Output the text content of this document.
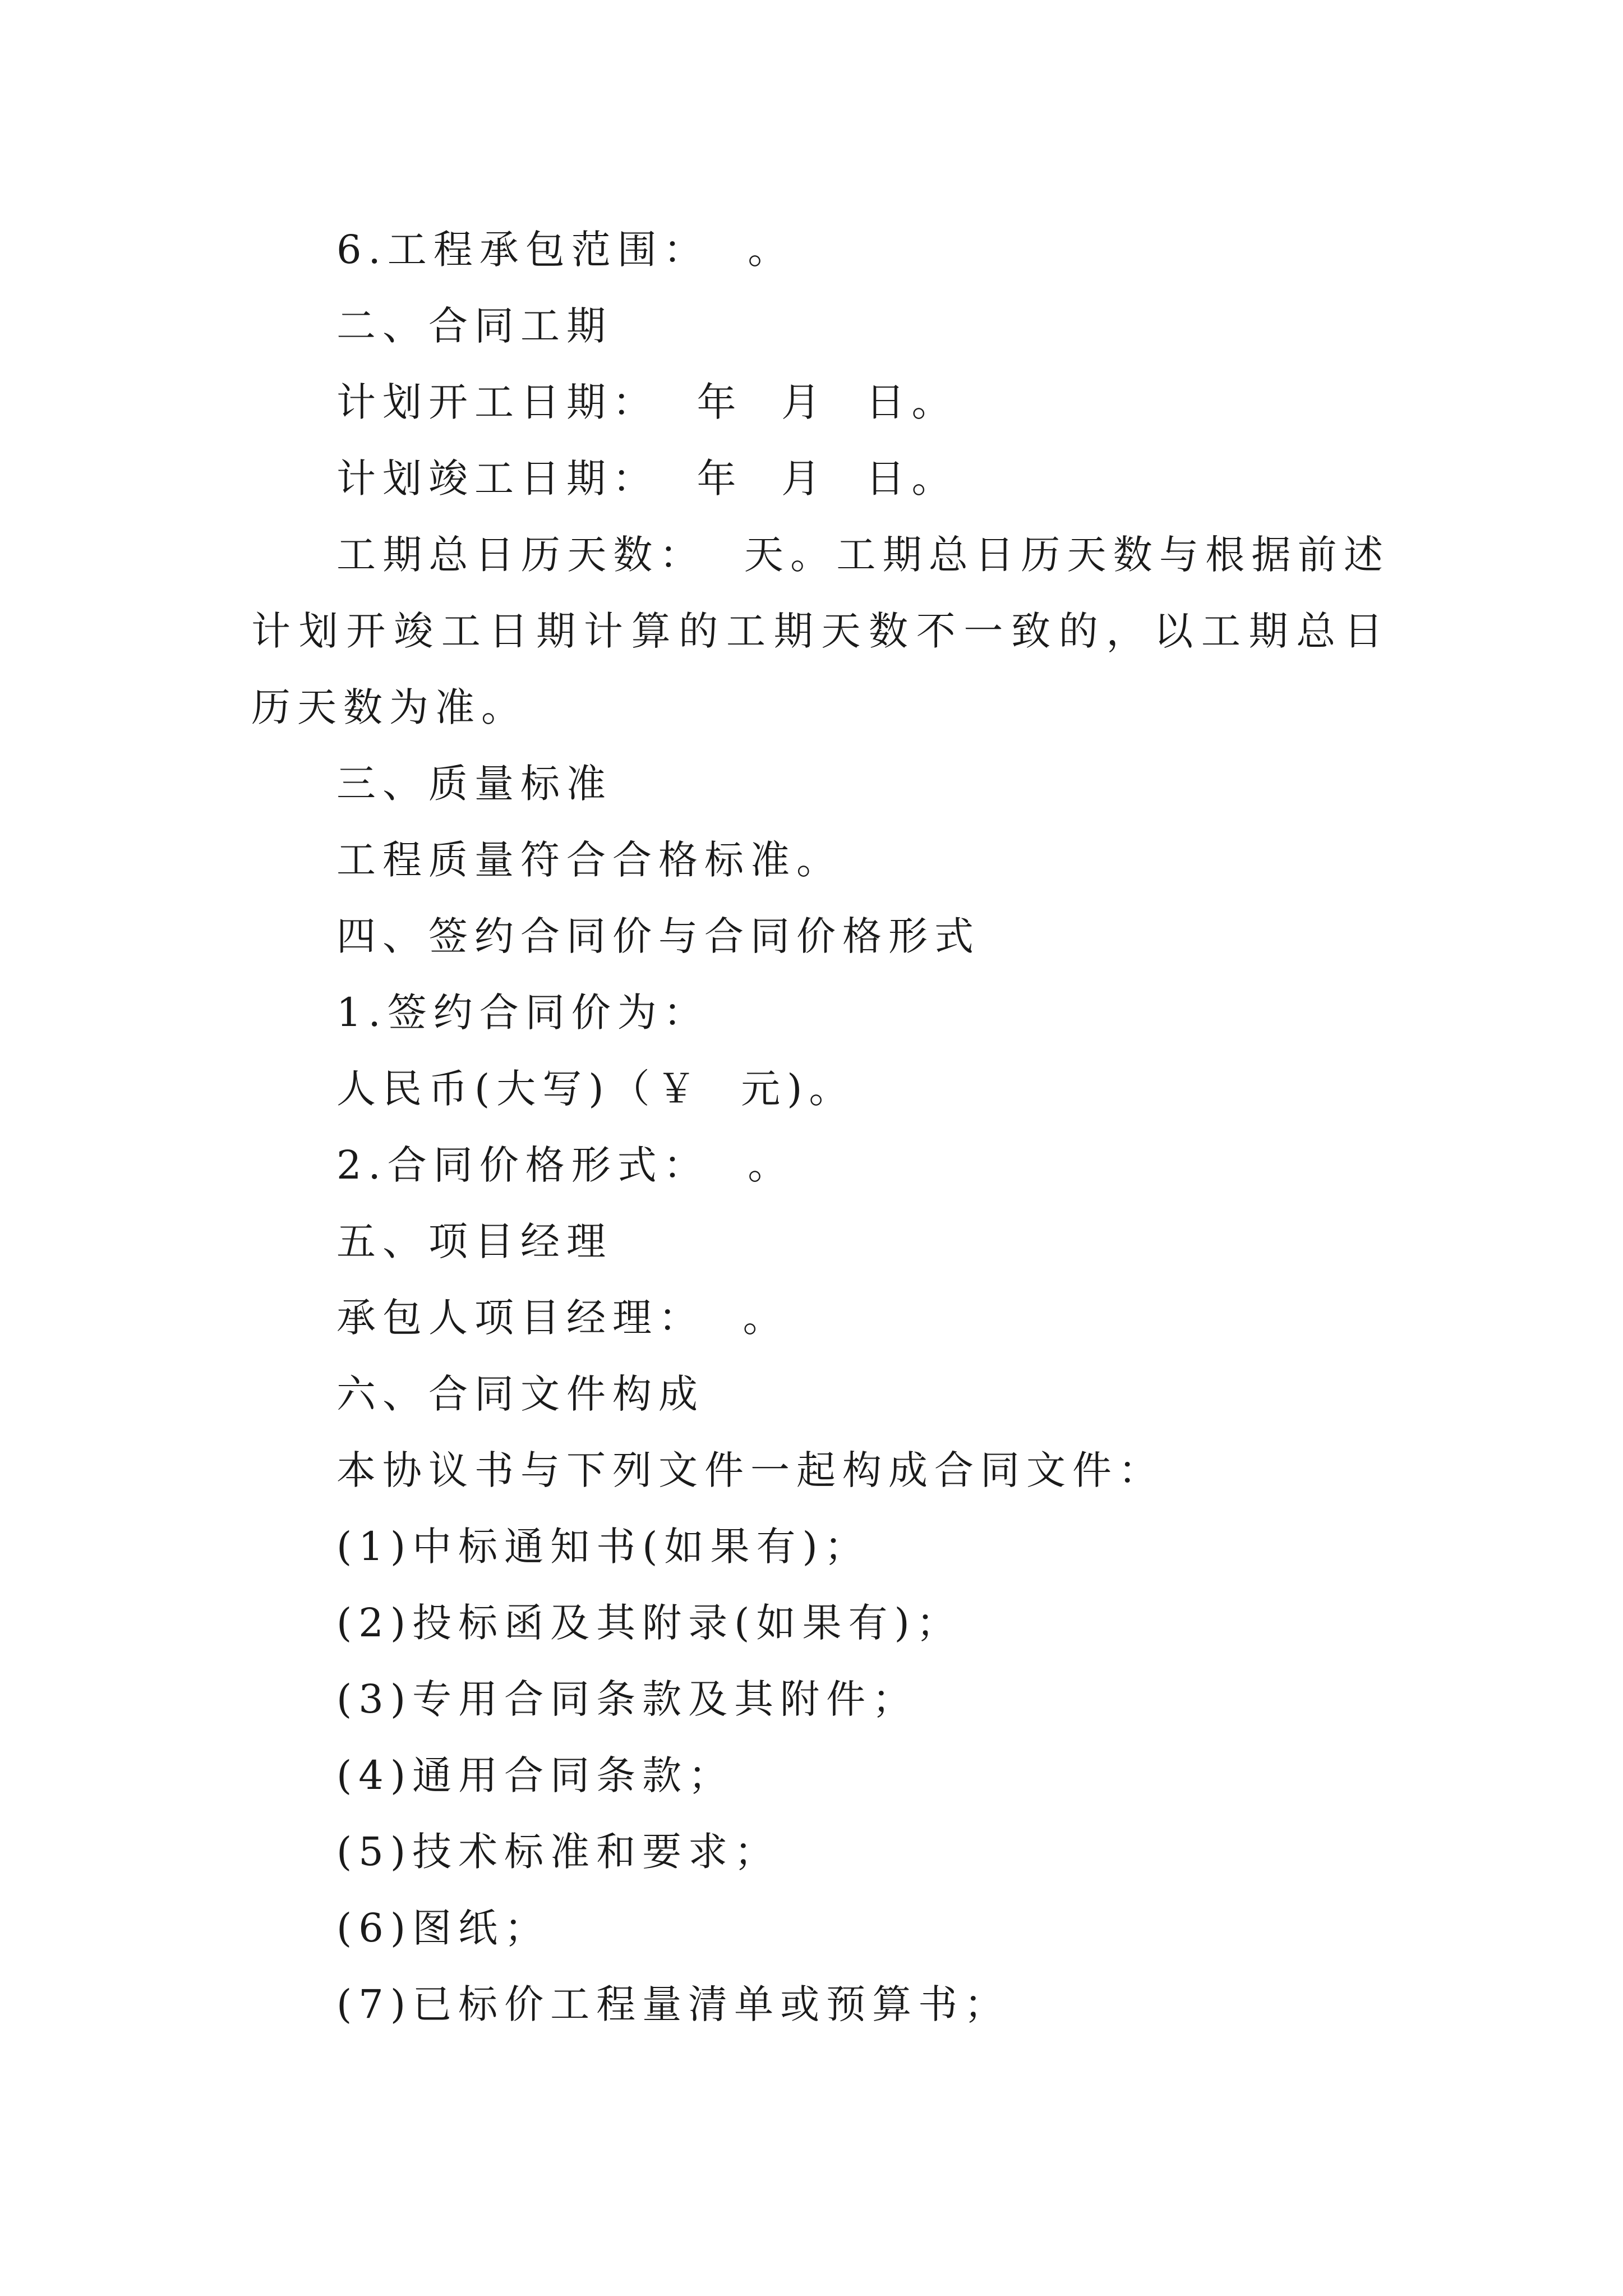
6.工程承包范围：  。

二、合同工期

计划开工日期：  年  月  日。

计划竣工日期：  年  月  日。

工期总日历天数：  天。工期总日历天数与根据前述计划开竣工日期计算的工期天数不一致的，以工期总日历天数为准。

三、质量标准

工程质量符合合格标准。

四、签约合同价与合同价格形式

1.签约合同价为：

人民币(大写)（￥  元)。

2.合同价格形式：  。

五、项目经理

承包人项目经理：  。

六、合同文件构成

本协议书与下列文件一起构成合同文件：

(1)中标通知书(如果有)；

(2)投标函及其附录(如果有)；

(3)专用合同条款及其附件；

(4)通用合同条款；

(5)技术标准和要求；

(6)图纸；

(7)已标价工程量清单或预算书；
